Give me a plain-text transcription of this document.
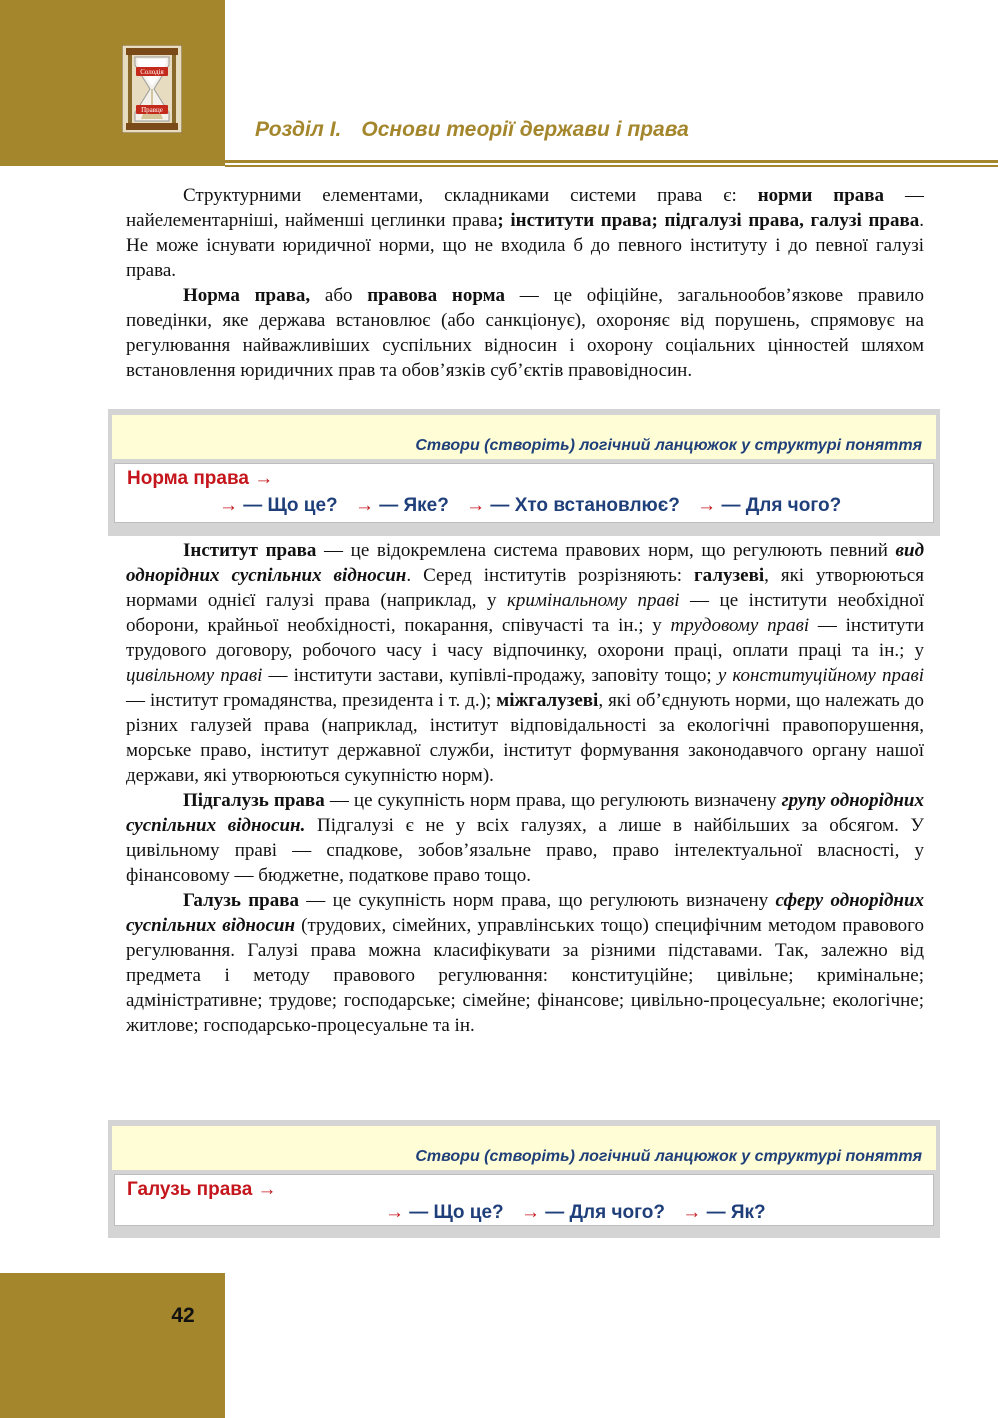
Солодія
Правце
Розділ І. Основи теорії держави і права

Структурними елементами, складниками системи права є: норми права — найелементарніші, найменші цеглинки права; інститути права; підгалузі права, галузі права. Не може існувати юридичної норми, що не входила б до певного інституту і до певної галузі права.

Норма права, або правова норма — це офіційне, загальнообов’язкове правило поведінки, яке держава встановлює (або санкціонує), охороняє від порушень, спрямовує на регулювання найважливіших суспільних відносин і охорону соціальних цінностей шляхом встановлення юридичних прав та обов’язків суб’єктів правовідносин.

Створи (створіть) логічний ланцюжок у структурі поняття
Норма права →
→ — Що це? → — Яке? → — Хто встановлює? → — Для чого?

Інститут права — це відокремлена система правових норм, що регулюють певний вид однорідних суспільних відносин. Серед інститутів розрізняють: галузеві, які утворюються нормами однієї галузі права (наприклад, у кримінальному праві — це інститути необхідної оборони, крайньої необхідності, покарання, співучасті та ін.; у трудовому праві — інститути трудового договору, робочого часу і часу відпочинку, охорони праці, оплати праці та ін.; у цивільному праві — інститути застави, купівлі-продажу, заповіту тощо; у конституційному праві — інститут громадянства, президента і т. д.); міжгалузеві, які об’єднують норми, що належать до різних галузей права (наприклад, інститут відповідальності за екологічні правопорушення, морське право, інститут державної служби, інститут формування законодавчого органу нашої держави, які утворюються сукупністю норм).

Підгалузь права — це сукупність норм права, що регулюють визначену групу однорідних суспільних відносин. Підгалузі є не у всіх галузях, а лише в найбільших за обсягом. У цивільному праві — спадкове, зобов’язальне право, право інтелектуальної власності, у фінансовому — бюджетне, податкове право тощо.

Галузь права — це сукупність норм права, що регулюють визначену сферу однорідних суспільних відносин (трудових, сімейних, управлінських тощо) специфічним методом правового регулювання. Галузі права можна класифікувати за різними підставами. Так, залежно від предмета і методу правового регулювання: конституційне; цивільне; кримінальне; адміністративне; трудове; господарське; сімейне; фінансове; цивільно-процесуальне; екологічне; житлове; господарсько-процесуальне та ін.

Створи (створіть) логічний ланцюжок у структурі поняття
Галузь права →
→ — Що це? → — Для чого? → — Як?
42
